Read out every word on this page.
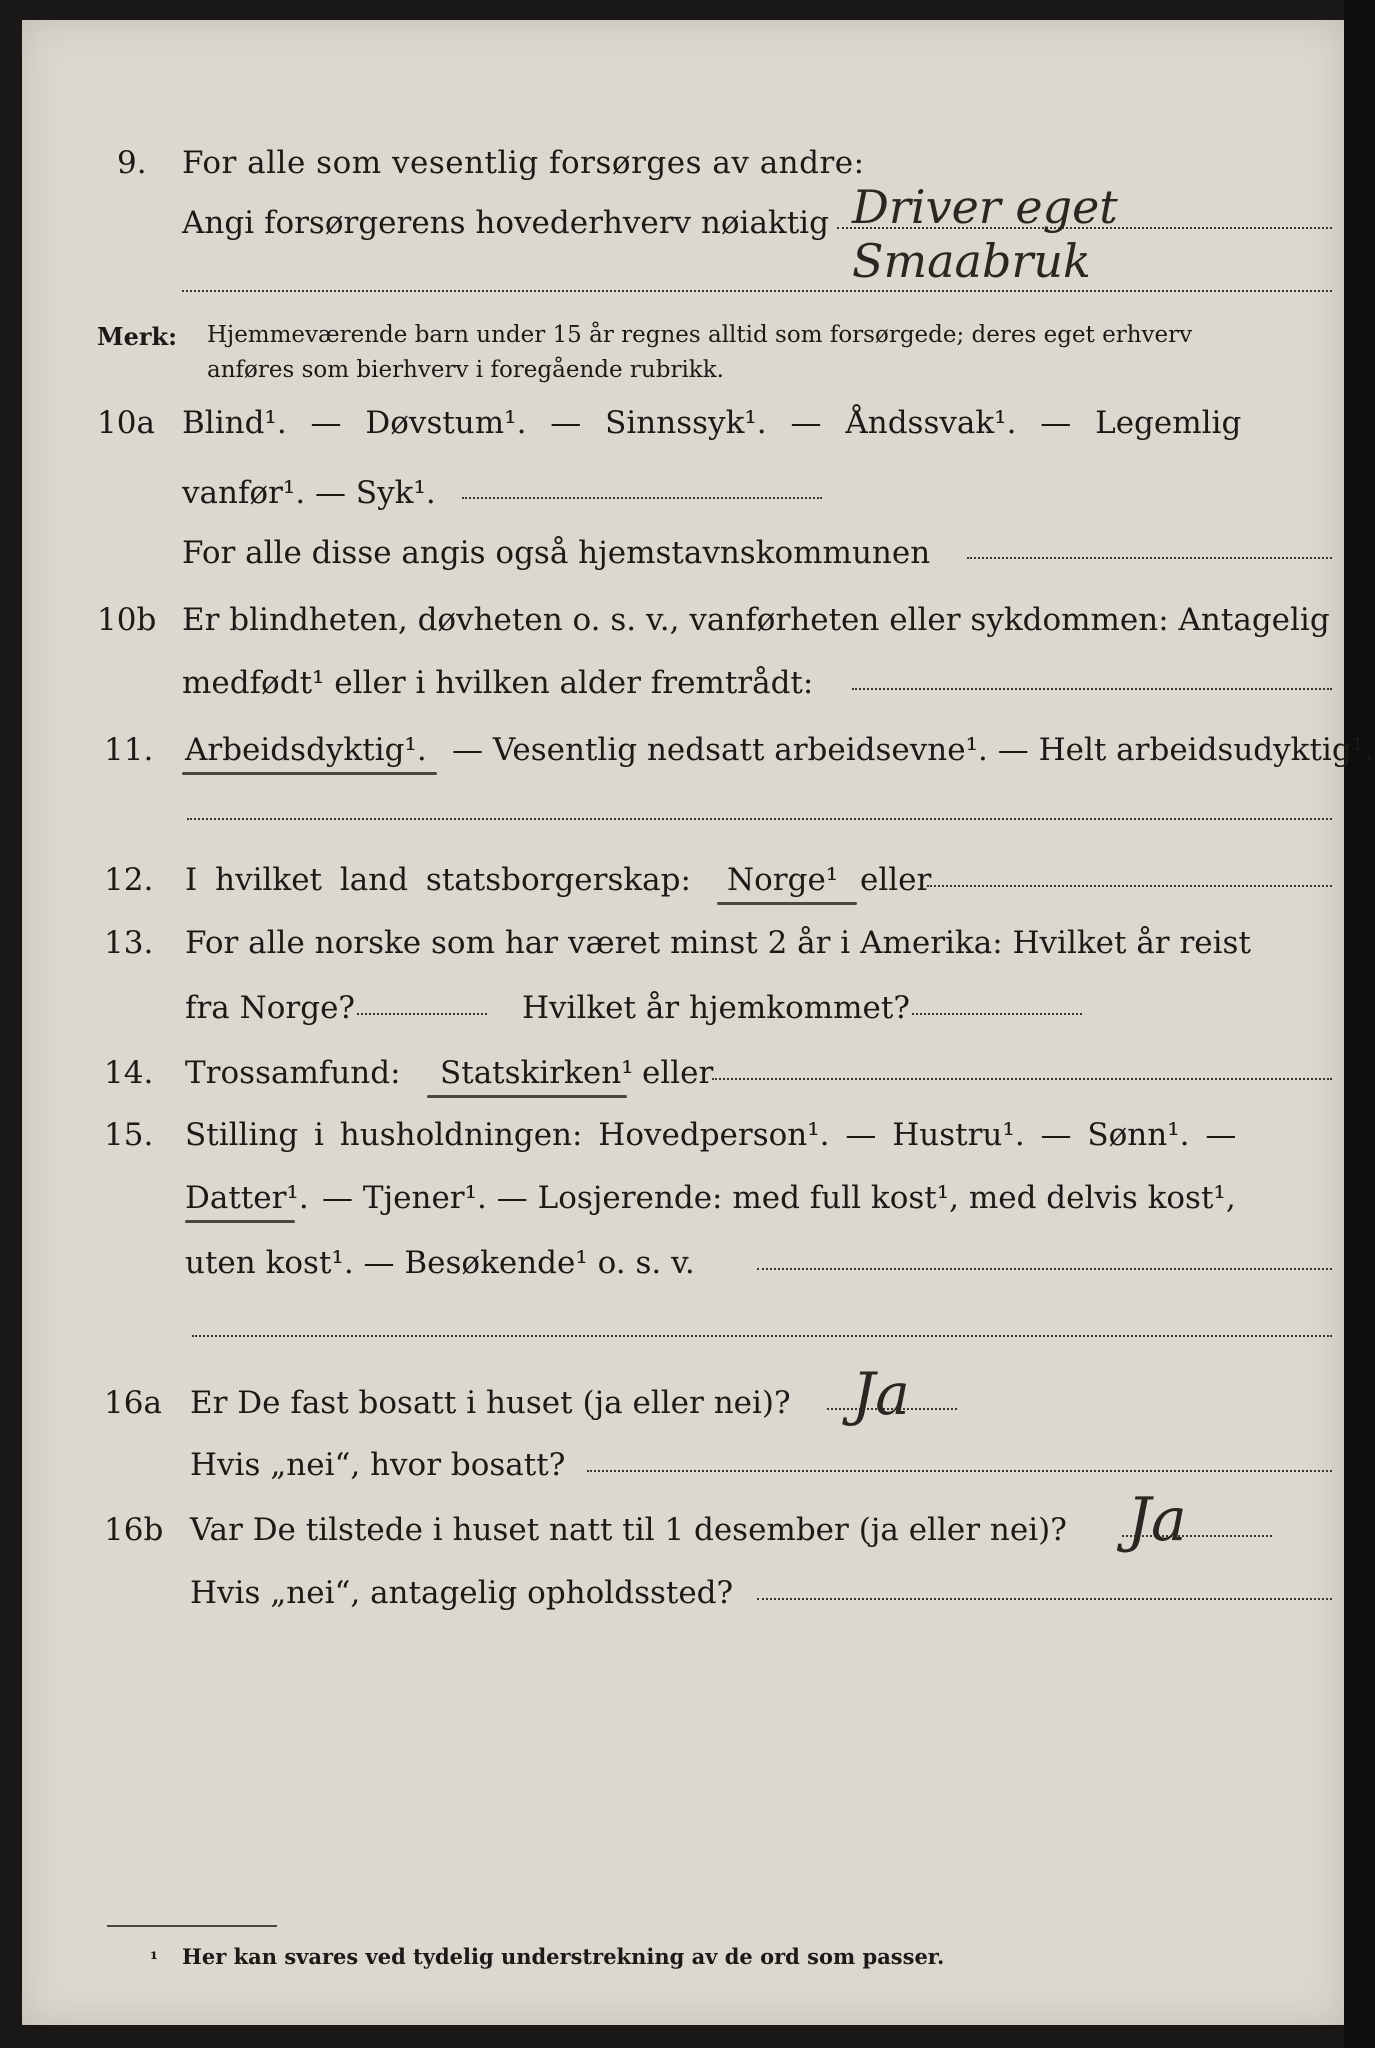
9. For alle som vesentlig forsørges av andre:
Angi forsørgerens hovederhverv nøiaktig Driver eget Smaabruk
Merk: Hjemmeværende barn under 15 år regnes alltid som forsørgede; deres eget erhverv
anføres som bierhverv i foregående rubrikk.
10a Blind¹. — Døvstum¹. — Sinnssyk¹. — Åndssvak¹. — Legemlig
vanfør¹. — Syk¹.
For alle disse angis også hjemstavnskommunen
10b Er blindheten, døvheten o. s. v., vanførheten eller sykdommen: Antagelig
medfødt¹ eller i hvilken alder fremtrådt:
11. Arbeidsdyktig¹. — Vesentlig nedsatt arbeidsevne¹. — Helt arbeidsudyktig¹.
12. I hvilket land statsborgerskap: Norge¹ eller
13. For alle norske som har været minst 2 år i Amerika: Hvilket år reist
fra Norge?	Hvilket år hjemkommet?
14. Trossamfund: Statskirken¹ eller
15. Stilling i husholdningen: Hovedperson¹. — Hustru¹. — Sønn¹. —
Datter¹. — Tjener¹. — Losjerende: med full kost¹, med delvis kost¹,
uten kost¹. — Besøkende¹ o. s. v.
16a Er De fast bosatt i huset (ja eller nei)? Ja
Hvis „nei“, hvor bosatt?
16b Var De tilstede i huset natt til 1 desember (ja eller nei)? Ja
Hvis „nei“, antagelig opholdssted?
¹ Her kan svares ved tydelig understrekning av de ord som passer.
